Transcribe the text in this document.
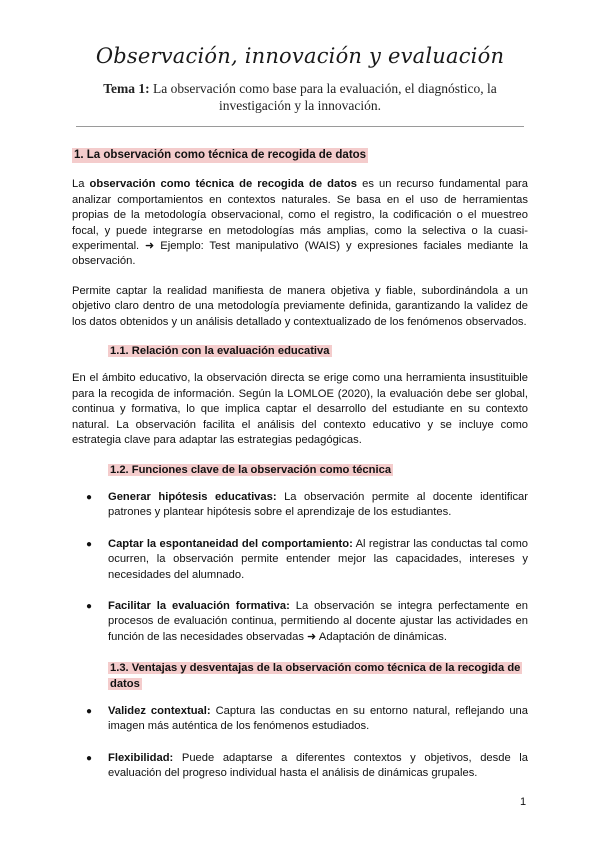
Observación, innovación y evaluación
Tema 1: La observación como base para la evaluación, el diagnóstico, la investigación y la innovación.
1. La observación como técnica de recogida de datos

La observación como técnica de recogida de datos es un recurso fundamental para analizar comportamientos en contextos naturales. Se basa en el uso de herramientas propias de la metodología observacional, como el registro, la codificación o el muestreo focal, y puede integrarse en metodologías más amplias, como la selectiva o la cuasi-experimental. ➜ Ejemplo: Test manipulativo (WAIS) y expresiones faciales mediante la observación.

Permite captar la realidad manifiesta de manera objetiva y fiable, subordinándola a un objetivo claro dentro de una metodología previamente definida, garantizando la validez de los datos obtenidos y un análisis detallado y contextualizado de los fenómenos observados.

1.1. Relación con la evaluación educativa

En el ámbito educativo, la observación directa se erige como una herramienta insustituible para la recogida de información. Según la LOMLOE (2020), la evaluación debe ser global, continua y formativa, lo que implica captar el desarrollo del estudiante en su contexto natural. La observación facilita el análisis del contexto educativo y se incluye como estrategia clave para adaptar las estrategias pedagógicas.

1.2. Funciones clave de la observación como técnica
● Generar hipótesis educativas: La observación permite al docente identificar patrones y plantear hipótesis sobre el aprendizaje de los estudiantes.
● Captar la espontaneidad del comportamiento: Al registrar las conductas tal como ocurren, la observación permite entender mejor las capacidades, intereses y necesidades del alumnado.
● Facilitar la evaluación formativa: La observación se integra perfectamente en procesos de evaluación continua, permitiendo al docente ajustar las actividades en función de las necesidades observadas ➜ Adaptación de dinámicas.
1.3. Ventajas y desventajas de la observación como técnica de la recogida de datos
● Validez contextual: Captura las conductas en su entorno natural, reflejando una imagen más auténtica de los fenómenos estudiados.
● Flexibilidad: Puede adaptarse a diferentes contextos y objetivos, desde la evaluación del progreso individual hasta el análisis de dinámicas grupales.
1
